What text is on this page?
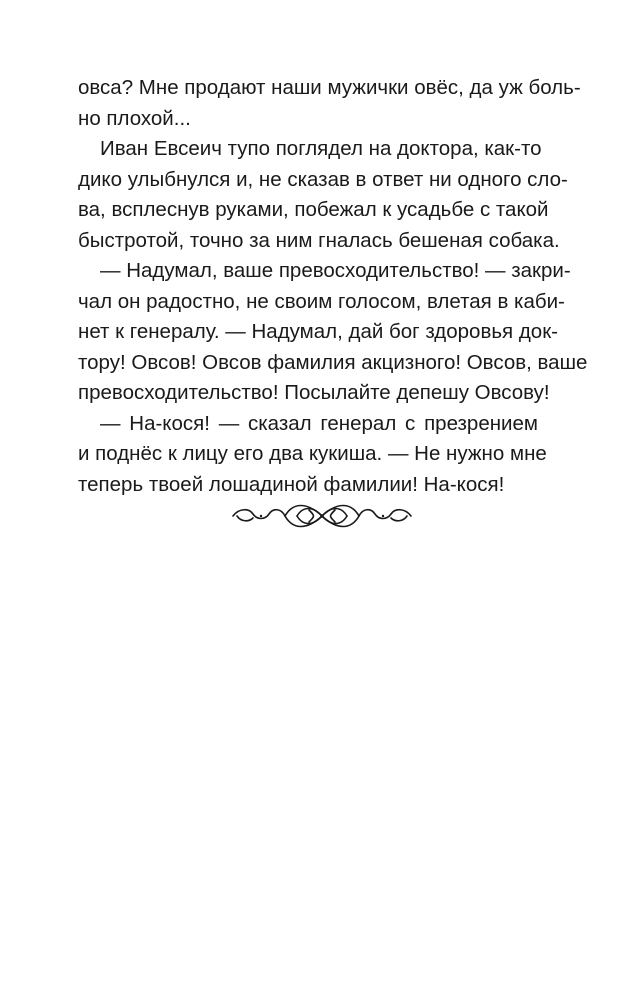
овса? Мне продают наши мужички овёс, да уж боль-
но плохой...
Иван Евсеич тупо поглядел на доктора, как-то
дико улыбнулся и, не сказав в ответ ни одного сло-
ва, всплеснув руками, побежал к усадьбе с такой
быстротой, точно за ним гналась бешеная собака.
— Надумал, ваше превосходительство! — закри-
чал он радостно, не своим голосом, влетая в каби-
нет к генералу. — Надумал, дай бог здоровья док-
тору! Овсов! Овсов фамилия акцизного! Овсов, ваше
превосходительство! Посылайте депешу Овсову!
— На-кося! — сказал генерал с презрением
и поднёс к лицу его два кукиша. — Не нужно мне
теперь твоей лошадиной фамилии! На-кося!
